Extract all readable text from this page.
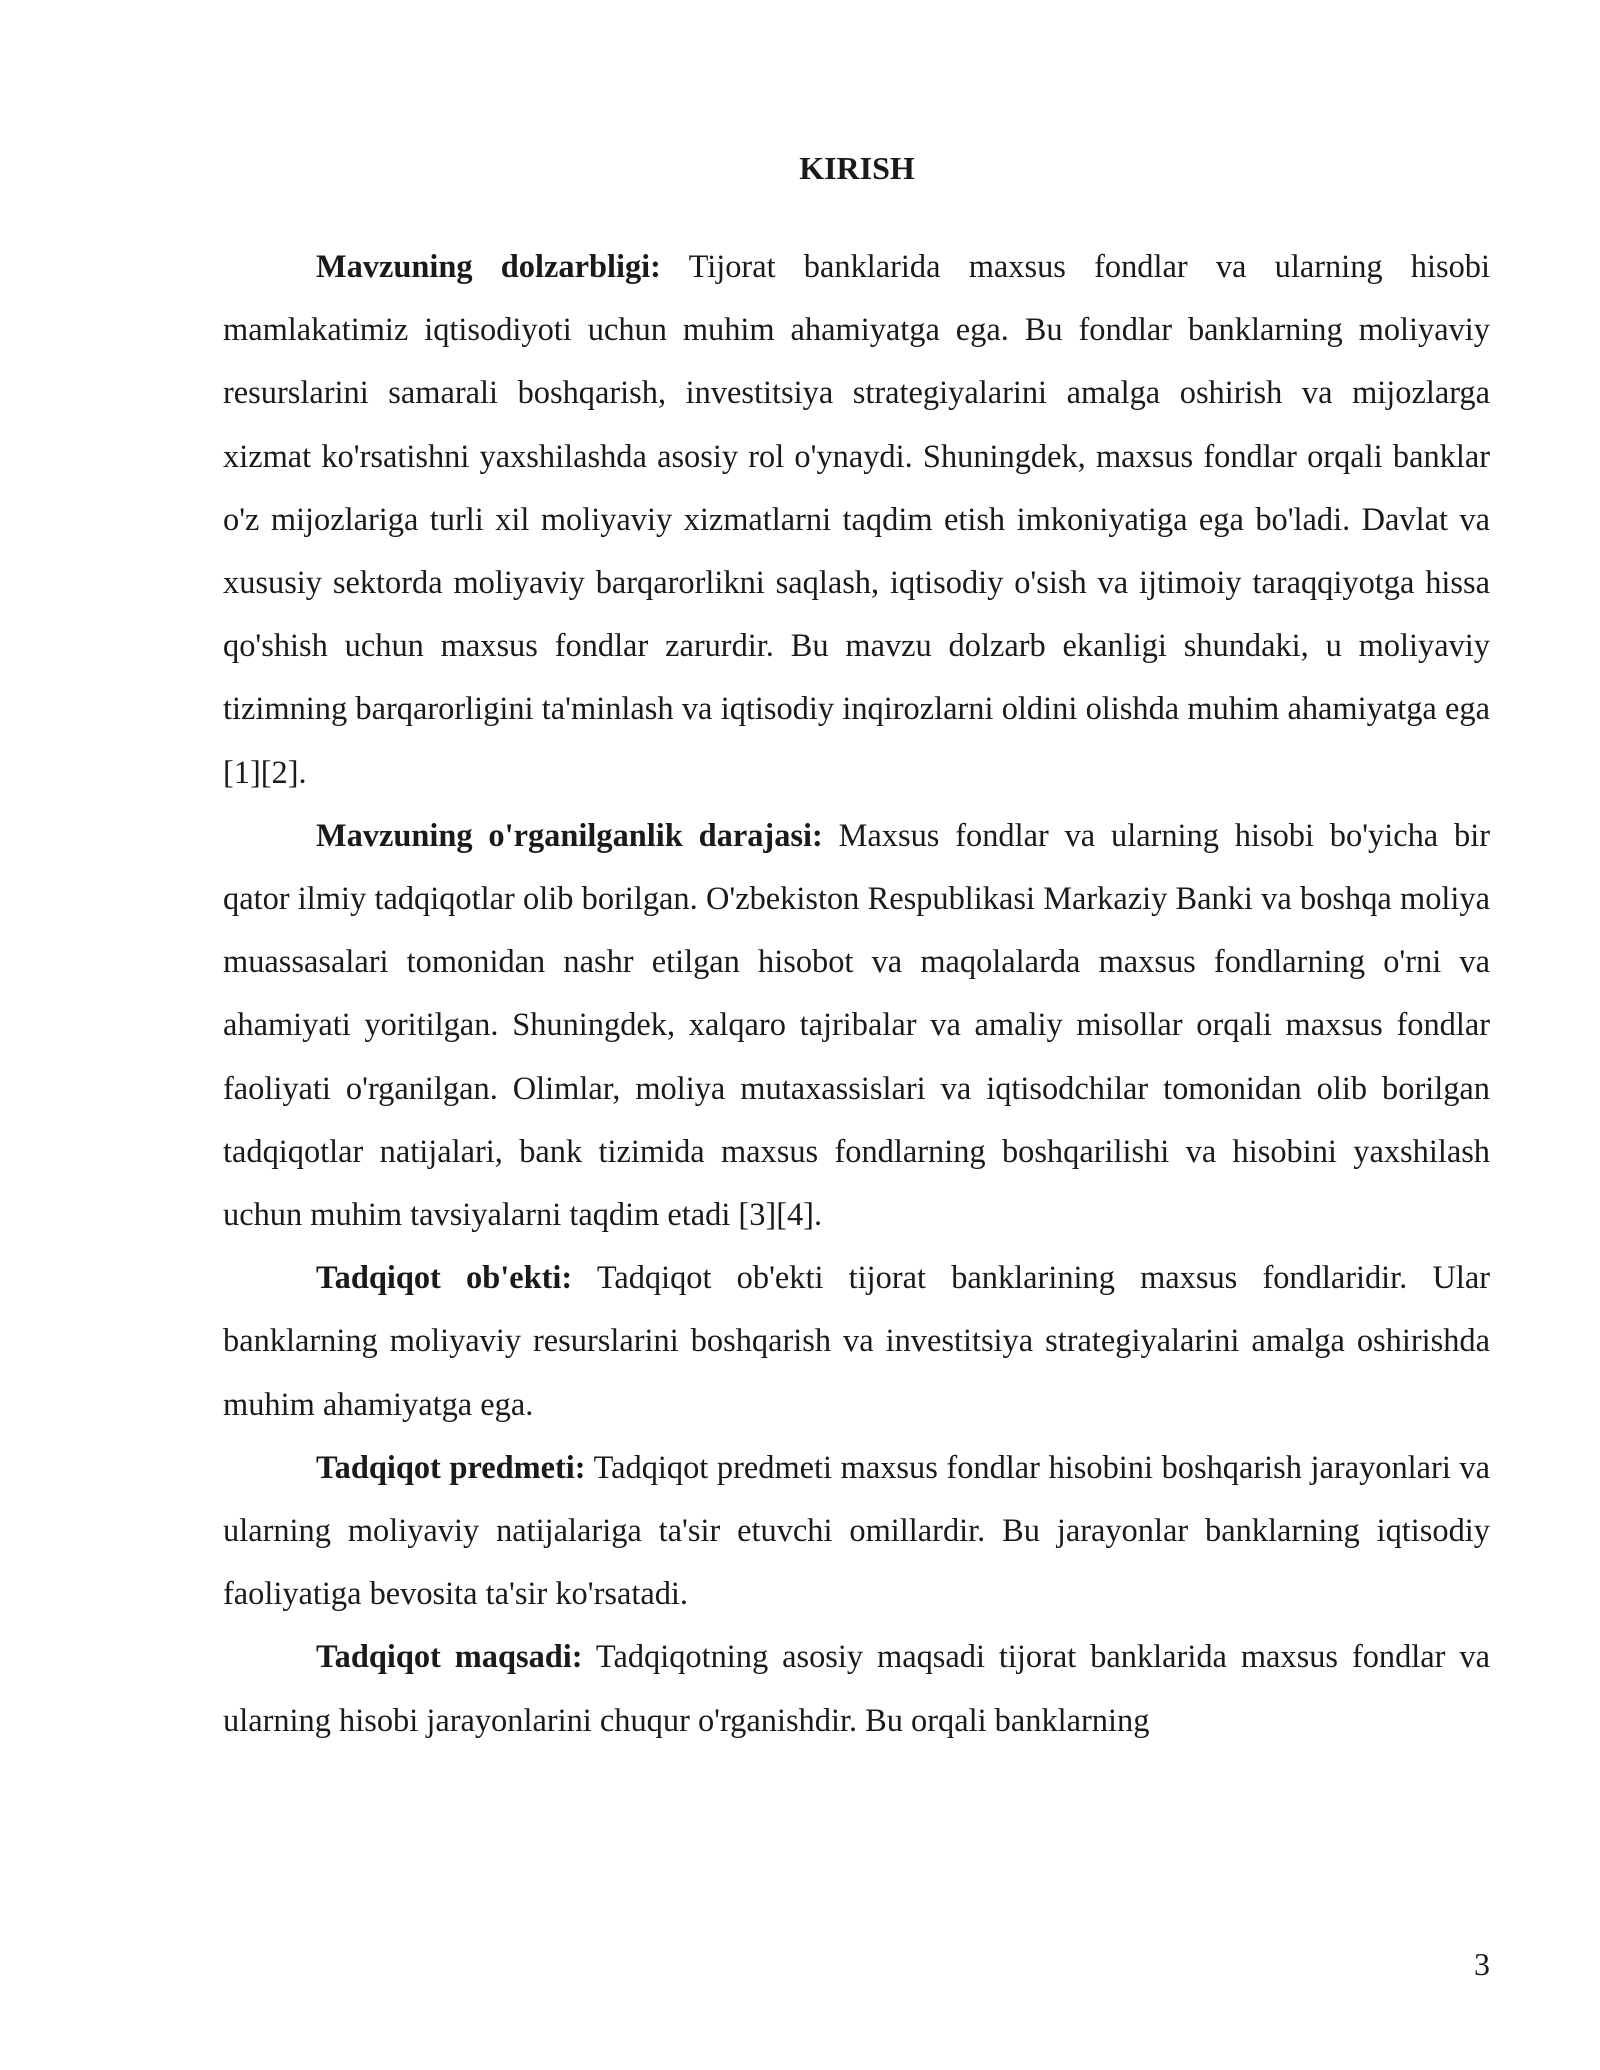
KIRISH

Mavzuning dolzarbligi: Tijorat banklarida maxsus fondlar va ularning hisobi mamlakatimiz iqtisodiyoti uchun muhim ahamiyatga ega. Bu fondlar banklarning moliyaviy resurslarini samarali boshqarish, investitsiya strategiyalarini amalga oshirish va mijozlarga xizmat ko'rsatishni yaxshilashda asosiy rol o'ynaydi. Shuningdek, maxsus fondlar orqali banklar o'z mijozlariga turli xil moliyaviy xizmatlarni taqdim etish imkoniyatiga ega bo'ladi. Davlat va xususiy sektorda moliyaviy barqarorlikni saqlash, iqtisodiy o'sish va ijtimoiy taraqqiyotga hissa qo'shish uchun maxsus fondlar zarurdir. Bu mavzu dolzarb ekanligi shundaki, u moliyaviy tizimning barqarorligini ta'minlash va iqtisodiy inqirozlarni oldini olishda muhim ahamiyatga ega [1][2].

Mavzuning o'rganilganlik darajasi: Maxsus fondlar va ularning hisobi bo'yicha bir qator ilmiy tadqiqotlar olib borilgan. O'zbekiston Respublikasi Markaziy Banki va boshqa moliya muassasalari tomonidan nashr etilgan hisobot va maqolalarda maxsus fondlarning o'rni va ahamiyati yoritilgan. Shuningdek, xalqaro tajribalar va amaliy misollar orqali maxsus fondlar faoliyati o'rganilgan. Olimlar, moliya mutaxassislari va iqtisodchilar tomonidan olib borilgan tadqiqotlar natijalari, bank tizimida maxsus fondlarning boshqarilishi va hisobini yaxshilash uchun muhim tavsiyalarni taqdim etadi [3][4].

Tadqiqot ob'ekti: Tadqiqot ob'ekti tijorat banklarining maxsus fondlaridir. Ular banklarning moliyaviy resurslarini boshqarish va investitsiya strategiyalarini amalga oshirishda muhim ahamiyatga ega.

Tadqiqot predmeti: Tadqiqot predmeti maxsus fondlar hisobini boshqarish jarayonlari va ularning moliyaviy natijalariga ta'sir etuvchi omillardir. Bu jarayonlar banklarning iqtisodiy faoliyatiga bevosita ta'sir ko'rsatadi.

Tadqiqot maqsadi: Tadqiqotning asosiy maqsadi tijorat banklarida maxsus fondlar va ularning hisobi jarayonlarini chuqur o'rganishdir. Bu orqali banklarning

3
